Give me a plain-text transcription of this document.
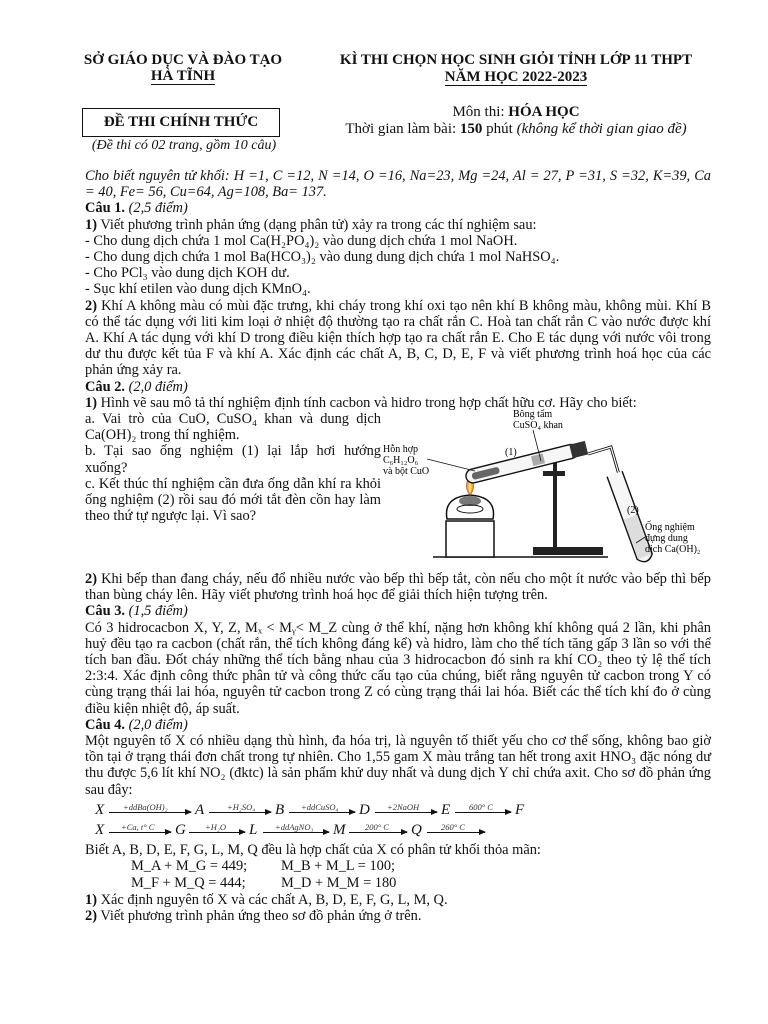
SỞ GIÁO DỤC VÀ ĐÀO TẠO
HÀ TĨNH
KÌ THI CHỌN HỌC SINH GIỎI TỈNH LỚP 11 THPT
NĂM HỌC 2022-2023
ĐỀ THI CHÍNH THỨC
(Đề thi có 02 trang, gồm 10 câu)
Môn thi: HÓA HỌC
Thời gian làm bài: 150 phút (không kể thời gian giao đề)

Cho biết nguyên tử khối: H =1, C =12, N =14, O =16, Na=23, Mg =24, Al = 27, P =31, S =32, K=39, Ca = 40, Fe= 56, Cu=64, Ag=108, Ba= 137.

Câu 1. (2,5 điểm)

1) Viết phương trình phản ứng (dạng phân tử) xảy ra trong các thí nghiệm sau:

- Cho dung dịch chứa 1 mol Ca(H₂PO₄)₂ vào dung dịch chứa 1 mol NaOH.

- Cho dung dịch chứa 1 mol Ba(HCO₃)₂ vào dung dung dịch chứa 1 mol NaHSO₄.

- Cho PCl₃ vào dung dịch KOH dư.

- Sục khí etilen vào dung dịch KMnO₄.

2) Khí A không màu có mùi đặc trưng, khi cháy trong khí oxi tạo nên khí B không màu, không mùi. Khí B có thể tác dụng với liti kim loại ở nhiệt độ thường tạo ra chất rắn C. Hoà tan chất rắn C vào nước được khí A. Khí A tác dụng với khí D trong điều kiện thích hợp tạo ra chất rắn E. Cho E tác dụng với nước vôi trong dư thu được kết tủa F và khí A. Xác định các chất A, B, C, D, E, F và viết phương trình hoá học của các phản ứng xảy ra.

Câu 2. (2,0 điểm)

1) Hình vẽ sau mô tả thí nghiệm định tính cacbon và hidro trong hợp chất hữu cơ. Hãy cho biết:

a. Vai trò của CuO, CuSO₄ khan và dung dịch Ca(OH)₂ trong thí nghiệm.

b. Tại sao ống nghiệm (1) lại lắp hơi hướng xuống?

c. Kết thúc thí nghiệm cần đưa ống dẫn khí ra khỏi ống nghiệm (2) rồi sau đó mới tắt đèn cồn hay làm theo thứ tự ngược lại. Vì sao?

Bông tẩm
CuSO₄ khan
(1)
Hỗn hợp
C₆H₁₂O₆
và bột CuO
(2)
Ống nghiệm
đựng dung
dịch Ca(OH)₂

2) Khi bếp than đang cháy, nếu đổ nhiều nước vào bếp thì bếp tắt, còn nếu cho một ít nước vào bếp thì bếp than bùng cháy lên. Hãy viết phương trình hoá học để giải thích hiện tượng trên.

Câu 3. (1,5 điểm)

Có 3 hidrocacbon X, Y, Z, Mₓ < Mᵧ< M_Z cùng ở thể khí, nặng hơn không khí không quá 2 lần, khi phân huỷ đều tạo ra cacbon (chất rắn, thể tích không đáng kể) và hidro, làm cho thể tích tăng gấp 3 lần so với thể tích ban đầu. Đốt cháy những thể tích bằng nhau của 3 hidrocacbon đó sinh ra khí CO₂ theo tỷ lệ thể tích 2:3:4. Xác định công thức phân tử và công thức cấu tạo của chúng, biết rằng nguyên tử cacbon trong Y có cùng trạng thái lai hóa, nguyên tử cacbon trong Z có cùng trạng thái lai hóa. Biết các thể tích khí đo ở cùng điều kiện nhiệt độ, áp suất.

Câu 4. (2,0 điểm)

Một nguyên tố X có nhiều dạng thù hình, đa hóa trị, là nguyên tố thiết yếu cho cơ thể sống, không bao giờ tồn tại ở trạng thái đơn chất trong tự nhiên. Cho 1,55 gam X màu trắng tan hết trong axit HNO₃ đặc nóng dư thu được 5,6 lít khí NO₂ (đktc) là sản phẩm khử duy nhất và dung dịch Y chỉ chứa axit. Cho sơ đồ phản ứng sau đây:

X +ddBa(OH)₂ A	+H₂SO₄ B +ddCuSO₄ D +2NaOH E 600° C F
X +Ca, t° C G +H₂O L +ddAgNO₃ M 200° C Q 260° C

Biết A, B, D, E, F, G, L, M, Q đều là hợp chất của X có phân tử khối thỏa mãn:

M_A + M_G = 449; M_B + M_L = 100;
M_F + M_Q = 444; M_D + M_M = 180

1) Xác định nguyên tố X và các chất A, B, D, E, F, G, L, M, Q.

2) Viết phương trình phản ứng theo sơ đồ phản ứng ở trên.
